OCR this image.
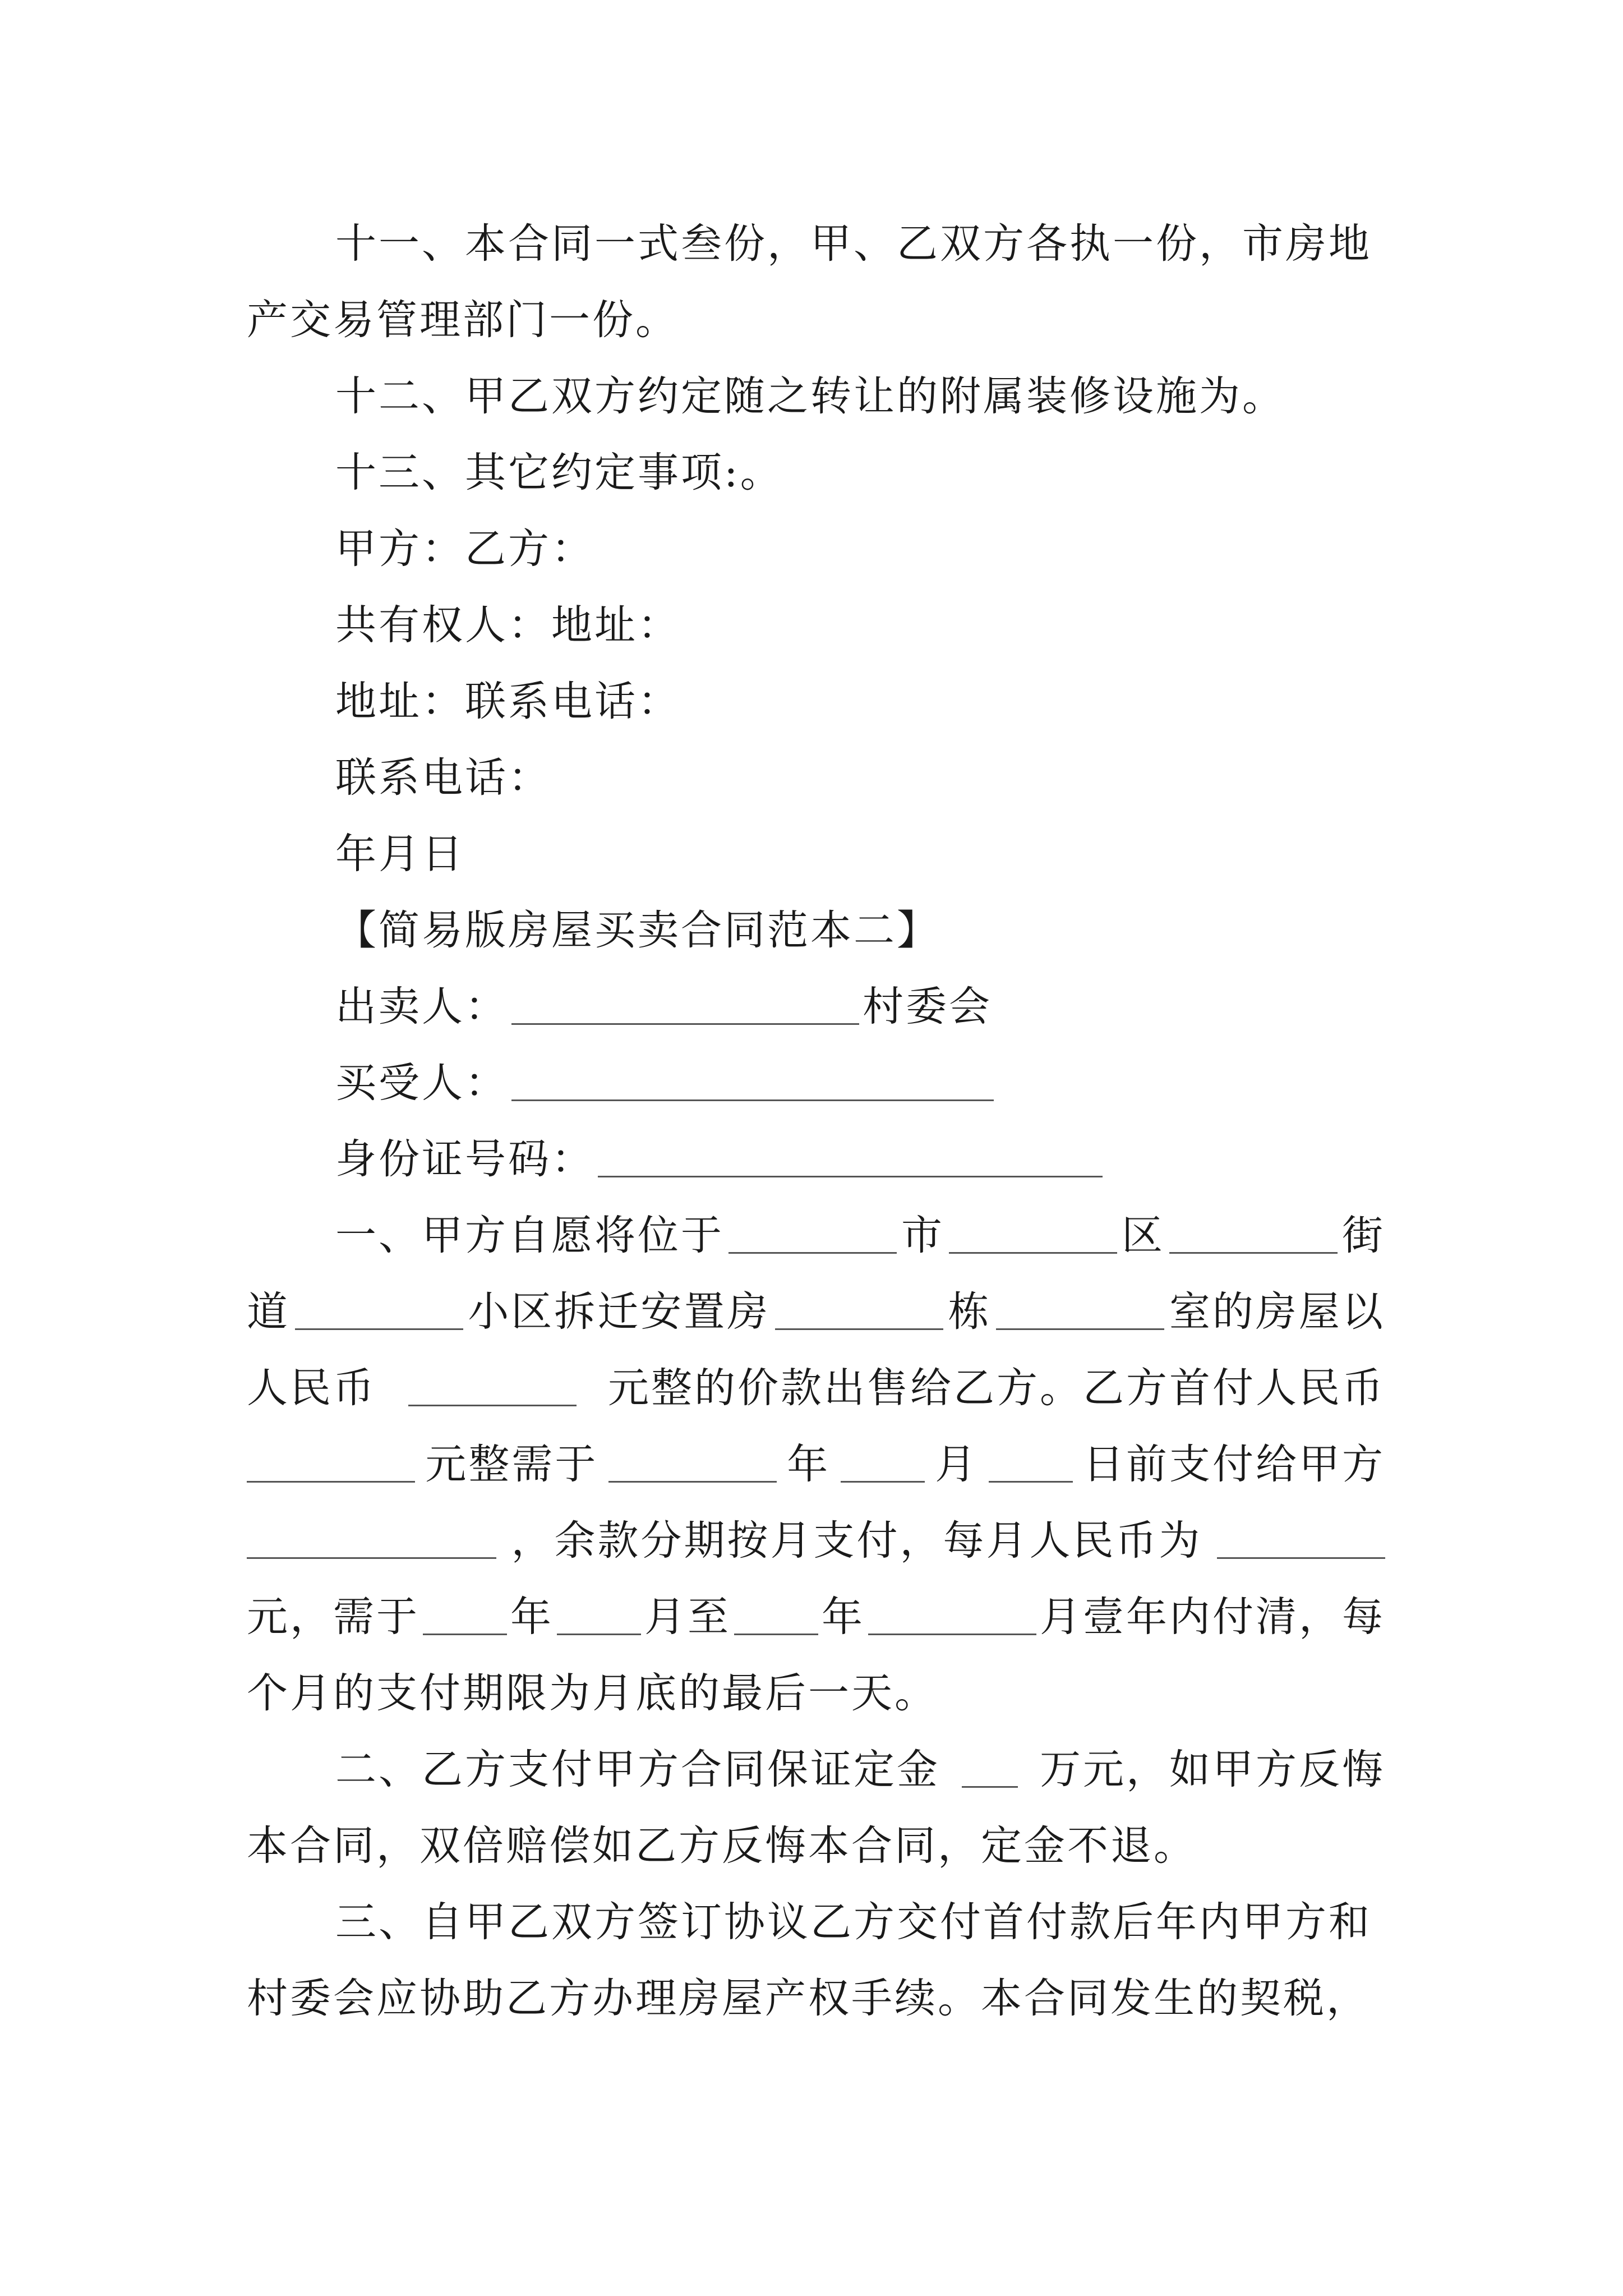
十一、本合同一式叁份，甲、乙双方各执一份，市房地
产交易管理部门一份。
十二、甲乙双方约定随之转让的附属装修设施为。
十三、其它约定事项:。
甲方：乙方：
共有权人：地址：
地址：联系电话：
联系电话：
年月日
【简易版房屋买卖合同范本二】
出卖人：	村委会
买受人：
身份证号码：
一、甲方自愿将位于	市	区	街
道	小区拆迁安置房	栋	室的房屋以
人民币	元整的价款出售给乙方。乙方首付人民币
元整需于	年	月	日前支付给甲方
，余款分期按月支付，每月人民币为
元，需于 年 月至 年	月壹年内付清，每
个月的支付期限为月底的最后一天。
二、乙方支付甲方合同保证定金 万元，如甲方反悔
本合同，双倍赔偿如乙方反悔本合同，定金不退。
三、自甲乙双方签订协议乙方交付首付款后年内甲方和
村委会应协助乙方办理房屋产权手续。本合同发生的契税，
